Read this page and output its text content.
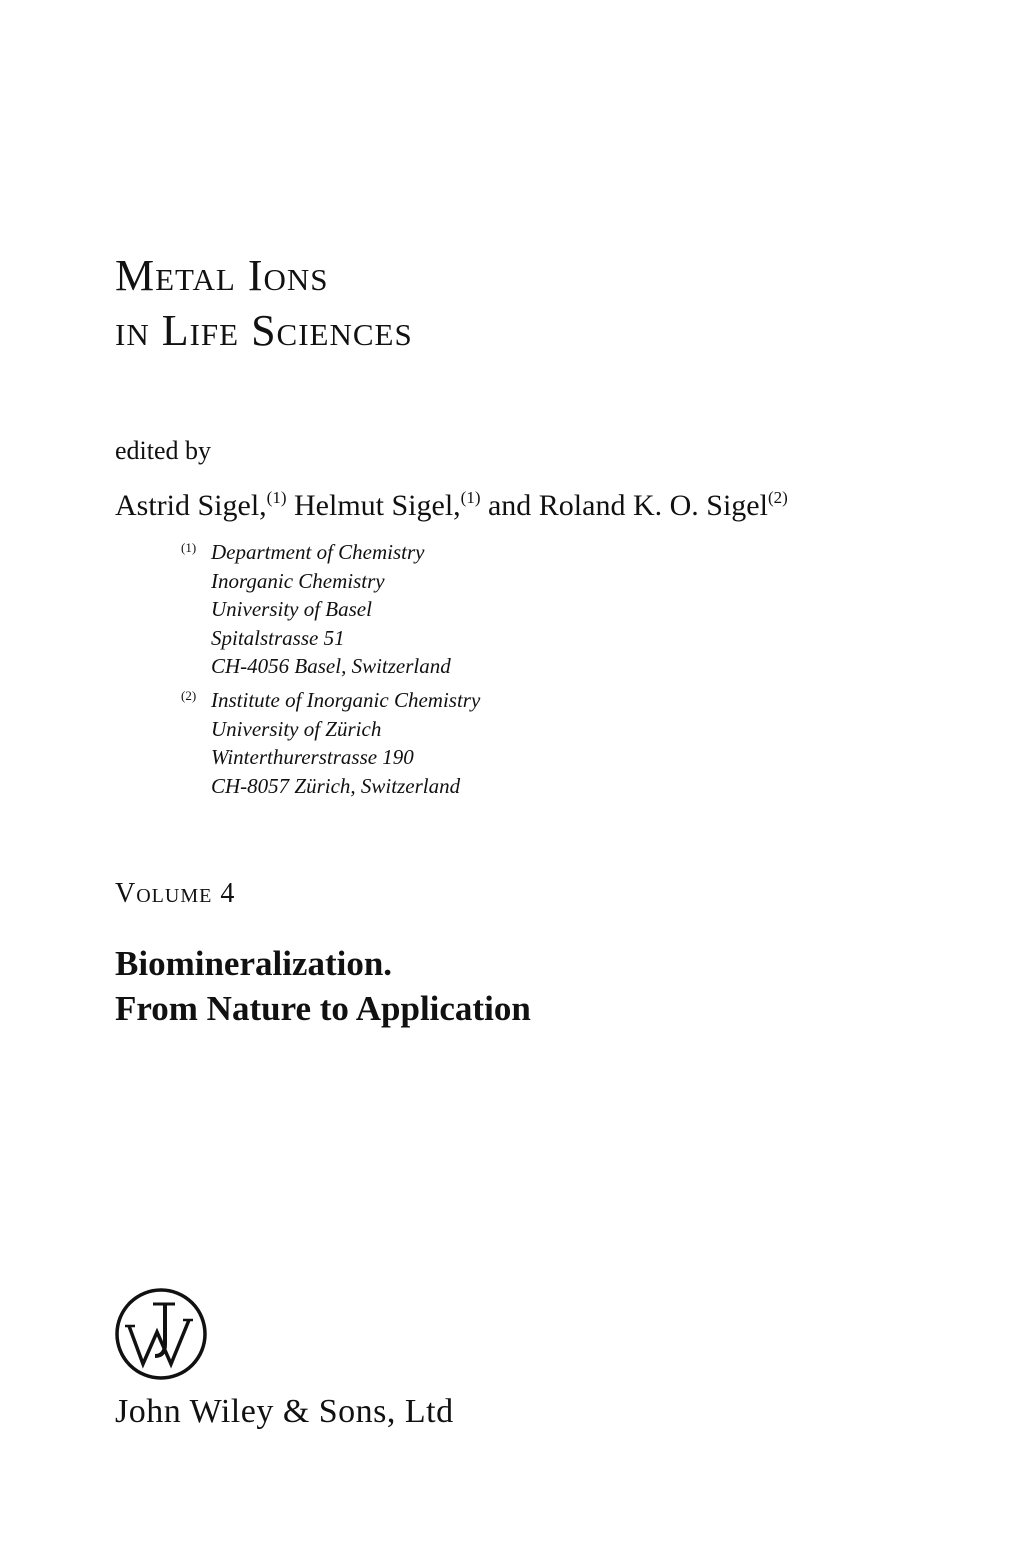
Metal Ions
in Life Sciences
edited by
Astrid Sigel,$^{(1)}$ Helmut Sigel,$^{(1)}$ and Roland K. O. Sigel$^{(2)}$
(1) Department of Chemistry
Inorganic Chemistry
University of Basel
Spitalstrasse 51
CH-4056 Basel, Switzerland
(2) Institute of Inorganic Chemistry
University of Zürich
Winterthurerstrasse 190
CH-8057 Zürich, Switzerland
Volume 4
Biomineralization.
From Nature to Application
John Wiley & Sons, Ltd
